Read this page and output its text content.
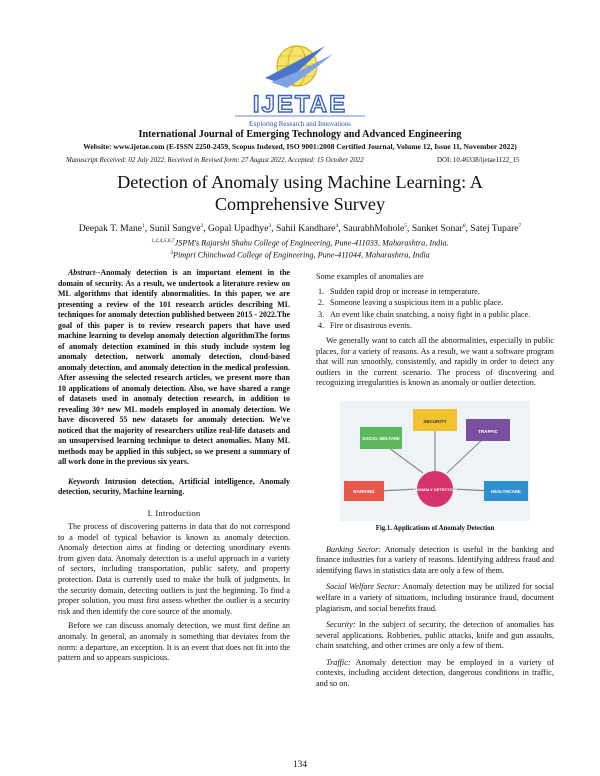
IJETAE
Exploring Research and Innovations
International Journal of Emerging Technology and Advanced Engineering
Website: www.ijetae.com (E-ISSN 2250-2459, Scopus Indexed, ISO 9001:2008 Certified Journal, Volume 12, Issue 11, November 2022)
Manuscript Received: 02 July 2022, Received in Revised form: 27 August 2022, Accepted: 15 October 2022	DOI: 10.46338/ijetae1122_15
Detection of Anomaly using Machine Learning: A
Comprehensive Survey
Deepak T. Mane$^1$, Sunil Sangve$^2$, Gopal Upadhye$^3$, Sahil Kandhare$^4$, SaurabhMohole$^5$, Sanket Sonar$^6$, Satej Tupare$^7$
$^{1,2,4,5,6,7}$JSPM's Rajarshi Shahu College of Engineering, Pune-411033, Maharashtra, India.
$^3$Pimpri Chinchwad College of Engineering, Pune-411044, Maharashtra, India

Abstract--Anomaly detection is an important element in the domain of security. As a result, we undertook a literature review on ML algorithms that identify abnormalities. In this paper, we are presenting a review of the 101 research articles describing ML techniques for anomaly detection published between 2015 - 2022.The goal of this paper is to review research papers that have used machine learning to develop anomaly detection algorithmThe forms of anomaly detection examined in this study include system log anomaly detection, network anomaly detection, cloud-based anomaly detection, and anomaly detection in the medical profession. After assessing the selected research articles, we present more than 10 applications of anomaly detection. Also, we have shared a range of datasets used in anomaly detection research, in addition to revealing 30+ new ML models employed in anomaly detection. We have discovered 55 new datasets for anomaly detection. We've noticed that the majority of researchers utilize real-life datasets and an unsupervised learning technique to detect anomalies. Many ML methods may be applied in this subject, so we present a summary of all work done in the previous six years.

Keywords Intrusion detection, Artificial intelligence, Anomaly detection, security, Machine learning.

I. Introduction

The process of discovering patterns in data that do not correspond to a model of typical behavior is known as anomaly detection. Anomaly detection aims at finding or detecting unordinary events from given data. Anomaly detection is a useful approach in a variety of sectors, including transportation, public safety, and property protection. Data is currently used to make the bulk of judgments. In the security domain, detecting outliers is just the beginning. To find a proper solution, you must first assess whether the outlier is a security risk and then identify the core source of the anomaly.

Before we can discuss anomaly detection, we must first define an anomaly. In general, an anomaly is something that deviates from the norm: a departure, an exception. It is an event that does not fit into the pattern and so appears suspicious.

Some examples of anomalies are

1. Sudden rapid drop or increase in temperature.
2. Someone leaving a suspicious item in a public place.
3. An event like chain snatching, a noisy fight in a public place.
4. Fire or disastrous events.

We generally want to catch all the abnormalities, especially in public places, for a variety of reasons. As a result, we want a software program that will run smoothly, consistently, and rapidly in order to detect any outliers in the current scenario. The process of discovering and recognizing irregularities is known as anomaly or outlier detection.

SECURITY
SOCIAL WELFARE
TRAFFIC
BANKING	HEALTHCARE
ANOMALY DETECTION
Fig.1. Applications of Anomaly Detection

Banking Sector: Anomaly detection is useful in the banking and finance industries for a variety of reasons. Identifying address fraud and identifying flaws in statistics data are only a few of them.

Social Welfare Sector: Anomaly detection may be utilized for social welfare in a variety of situations, including insurance fraud, document plagiarism, and social benefits fraud.

Security: In the subject of security, the detection of anomalies has several applications. Robberies, public attacks, knife and gun assaults, chain snatching, and other crimes are only a few of them.

Traffic: Anomaly detection may be employed in a variety of contexts, including accident detection, dangerous conditions in traffic, and so on.

134
